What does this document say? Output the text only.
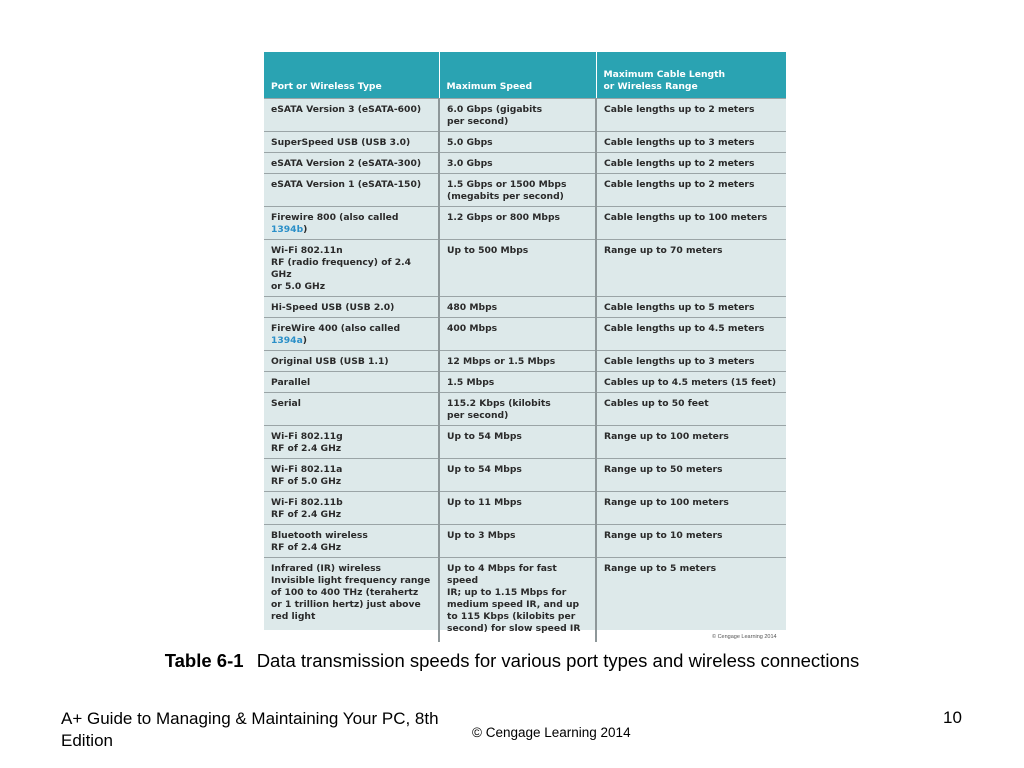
Port or Wireless Type	Maximum Speed	Maximum Cable Length
or Wireless Range
eSATA Version 3 (eSATA-600)	6.0 Gbps (gigabits
per second)	Cable lengths up to 2 meters
SuperSpeed USB (USB 3.0)	5.0 Gbps	Cable lengths up to 3 meters
eSATA Version 2 (eSATA-300)	3.0 Gbps	Cable lengths up to 2 meters
eSATA Version 1 (eSATA-150)	1.5 Gbps or 1500 Mbps
(megabits per second)	Cable lengths up to 2 meters
Firewire 800 (also called 1394b)	1.2 Gbps or 800 Mbps	Cable lengths up to 100 meters
Wi-Fi 802.11n
RF (radio frequency) of 2.4 GHz
or 5.0 GHz	Up to 500 Mbps	Range up to 70 meters
Hi-Speed USB (USB 2.0)	480 Mbps	Cable lengths up to 5 meters
FireWire 400 (also called 1394a)	400 Mbps	Cable lengths up to 4.5 meters
Original USB (USB 1.1)	12 Mbps or 1.5 Mbps	Cable lengths up to 3 meters
Parallel	1.5 Mbps	Cables up to 4.5 meters (15 feet)
Serial	115.2 Kbps (kilobits
per second)	Cables up to 50 feet
Wi-Fi 802.11g
RF of 2.4 GHz	Up to 54 Mbps	Range up to 100 meters
Wi-Fi 802.11a
RF of 5.0 GHz	Up to 54 Mbps	Range up to 50 meters
Wi-Fi 802.11b
RF of 2.4 GHz	Up to 11 Mbps	Range up to 100 meters
Bluetooth wireless
RF of 2.4 GHz	Up to 3 Mbps	Range up to 10 meters
Infrared (IR) wireless
Invisible light frequency range
of 100 to 400 THz (terahertz
or 1 trillion hertz) just above
red light	Up to 4 Mbps for fast speed
IR; up to 1.15 Mbps for
medium speed IR, and up
to 115 Kbps (kilobits per
second) for slow speed IR	Range up to 5 meters
© Cengage Learning 2014
Table 6-1 Data transmission speeds for various port types and wireless connections
A+ Guide to Managing & Maintaining Your PC, 8th Edition	© Cengage Learning 2014
10
